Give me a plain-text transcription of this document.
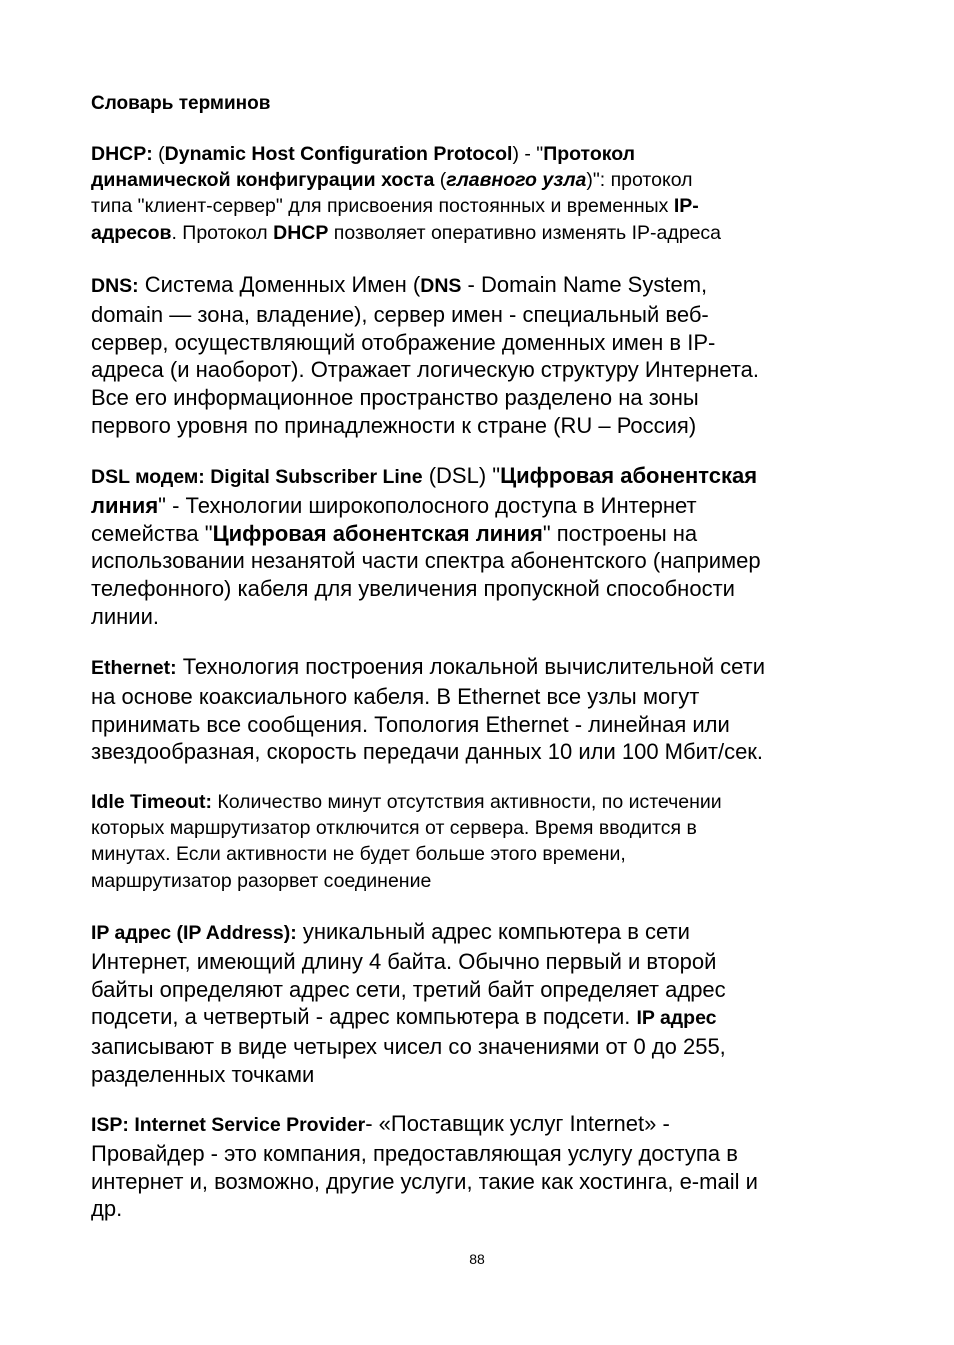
Словарь терминов
DHCP: (Dynamic Host Configuration Protocol) - "Протокол
динамической конфигурации хоста (главного узла)": протокол
типа "клиент-сервер" для присвоения постоянных и временных IP-
адресов. Протокол DHCP позволяет оперативно изменять IP-адреса
DNS: Система Доменных Имен (DNS - Domain Name System,
domain — зона, владение), сервер имен - специальный веб-
сервер, осуществляющий отображение доменных имен в IP-
адреса (и наоборот). Отражает логическую структуру Интернета.
Все его информационное пространство разделено на зоны
первого уровня по принадлежности к стране (RU – Россия)
DSL модем: Digital Subscriber Line (DSL) "Цифровая абонентская
линия" - Технологии широкополосного доступа в Интернет
семейства "Цифровая абонентская линия" построены на
использовании незанятой части спектра абонентского (например
телефонного) кабеля для увеличения пропускной способности
линии.
Ethernet: Технология построения локальной вычислительной сети
на основе коаксиального кабеля. В Ethernet все узлы могут
принимать все сообщения. Топология Ethernet - линейная или
звездообразная, скорость передачи данных 10 или 100 Мбит/сек.
Idle Timeout: Количество минут отсутствия активности, по истечении
которых маршрутизатор отключится от сервера. Время вводится в
минутах. Если активности не будет больше этого времени,
маршрутизатор разорвет соединение
IP адрес (IP Address): уникальный адрес компьютера в сети
Интернет, имеющий длину 4 байта. Обычно первый и второй
байты определяют адрес сети, третий байт определяет адрес
подсети, а четвертый - адрес компьютера в подсети. IP адрес
записывают в виде четырех чисел со значениями от 0 до 255,
разделенных точками
ISP: Internet Service Provider- «Поставщик услуг Internet» -
Провайдер - это компания, предоставляющая услугу доступа в
интернет и, возможно, другие услуги, такие как хостинга, e-mail и
др.
88
